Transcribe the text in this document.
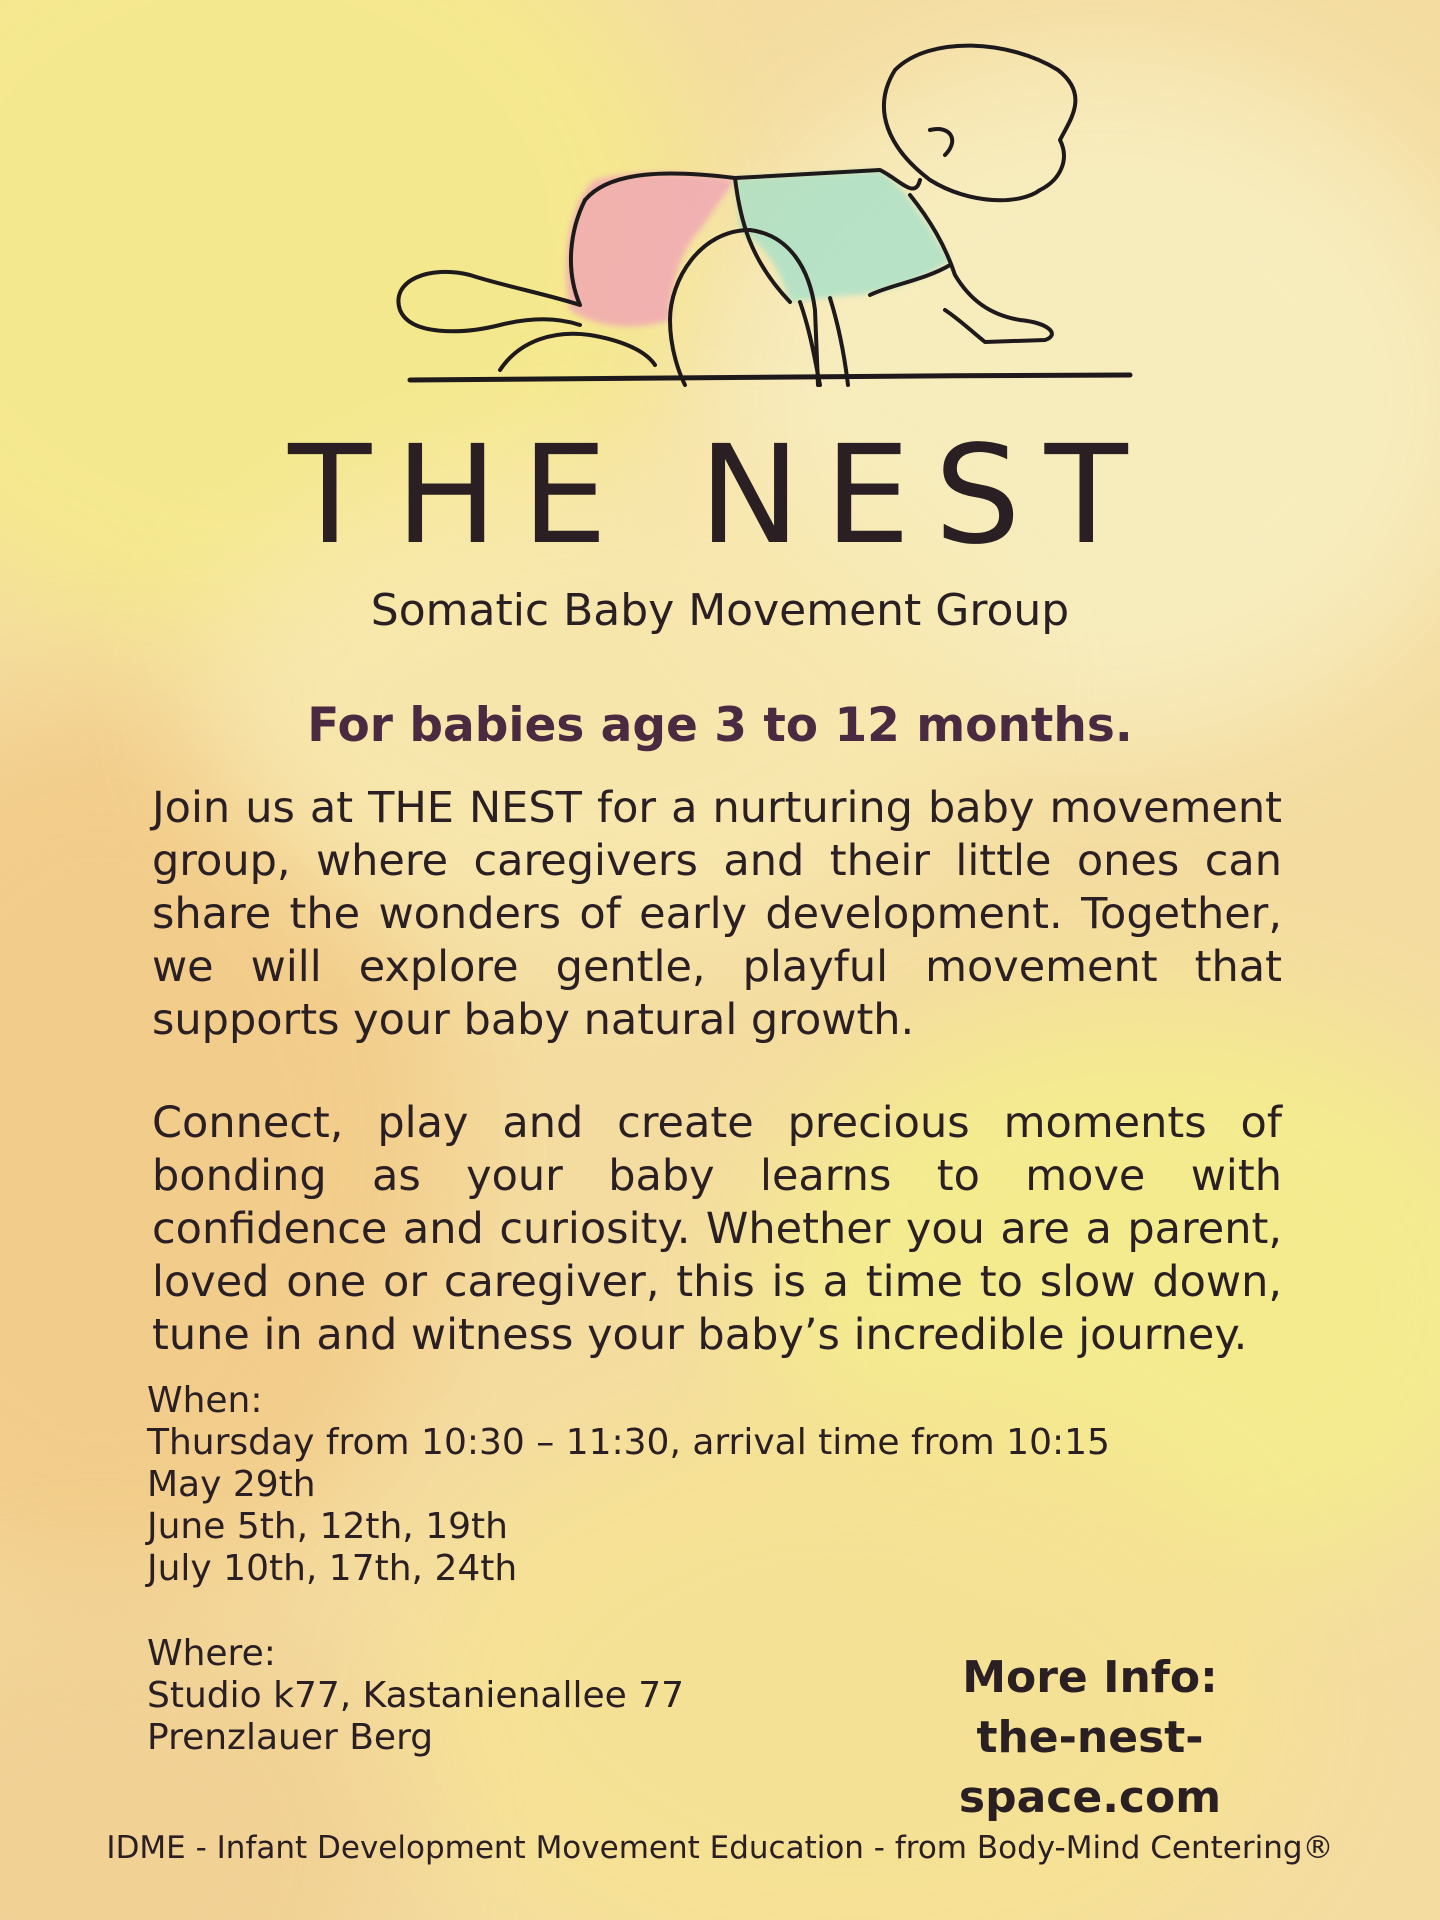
THE NEST
Somatic Baby Movement Group
For babies age 3 to 12 months.

Join us at THE NEST for a nurturing baby movement group, where caregivers and their little ones can share the wonders of early development. Together, we will explore gentle, playful movement that supports your baby natural growth.

Connect, play and create precious moments of bonding as your baby learns to move with confidence and curiosity. Whether you are a parent, loved one or caregiver, this is a time to slow down, tune in and witness your baby’s incredible journey.

When:
Thursday from 10:30 – 11:30, arrival time from 10:15
May 29th
June 5th, 12th, 19th
July 10th, 17th, 24th
Where:
Studio k77, Kastanienallee 77
Prenzlauer Berg
More Info:
the-nest-space.com
IDME - Infant Development Movement Education - from Body-Mind Centering®
